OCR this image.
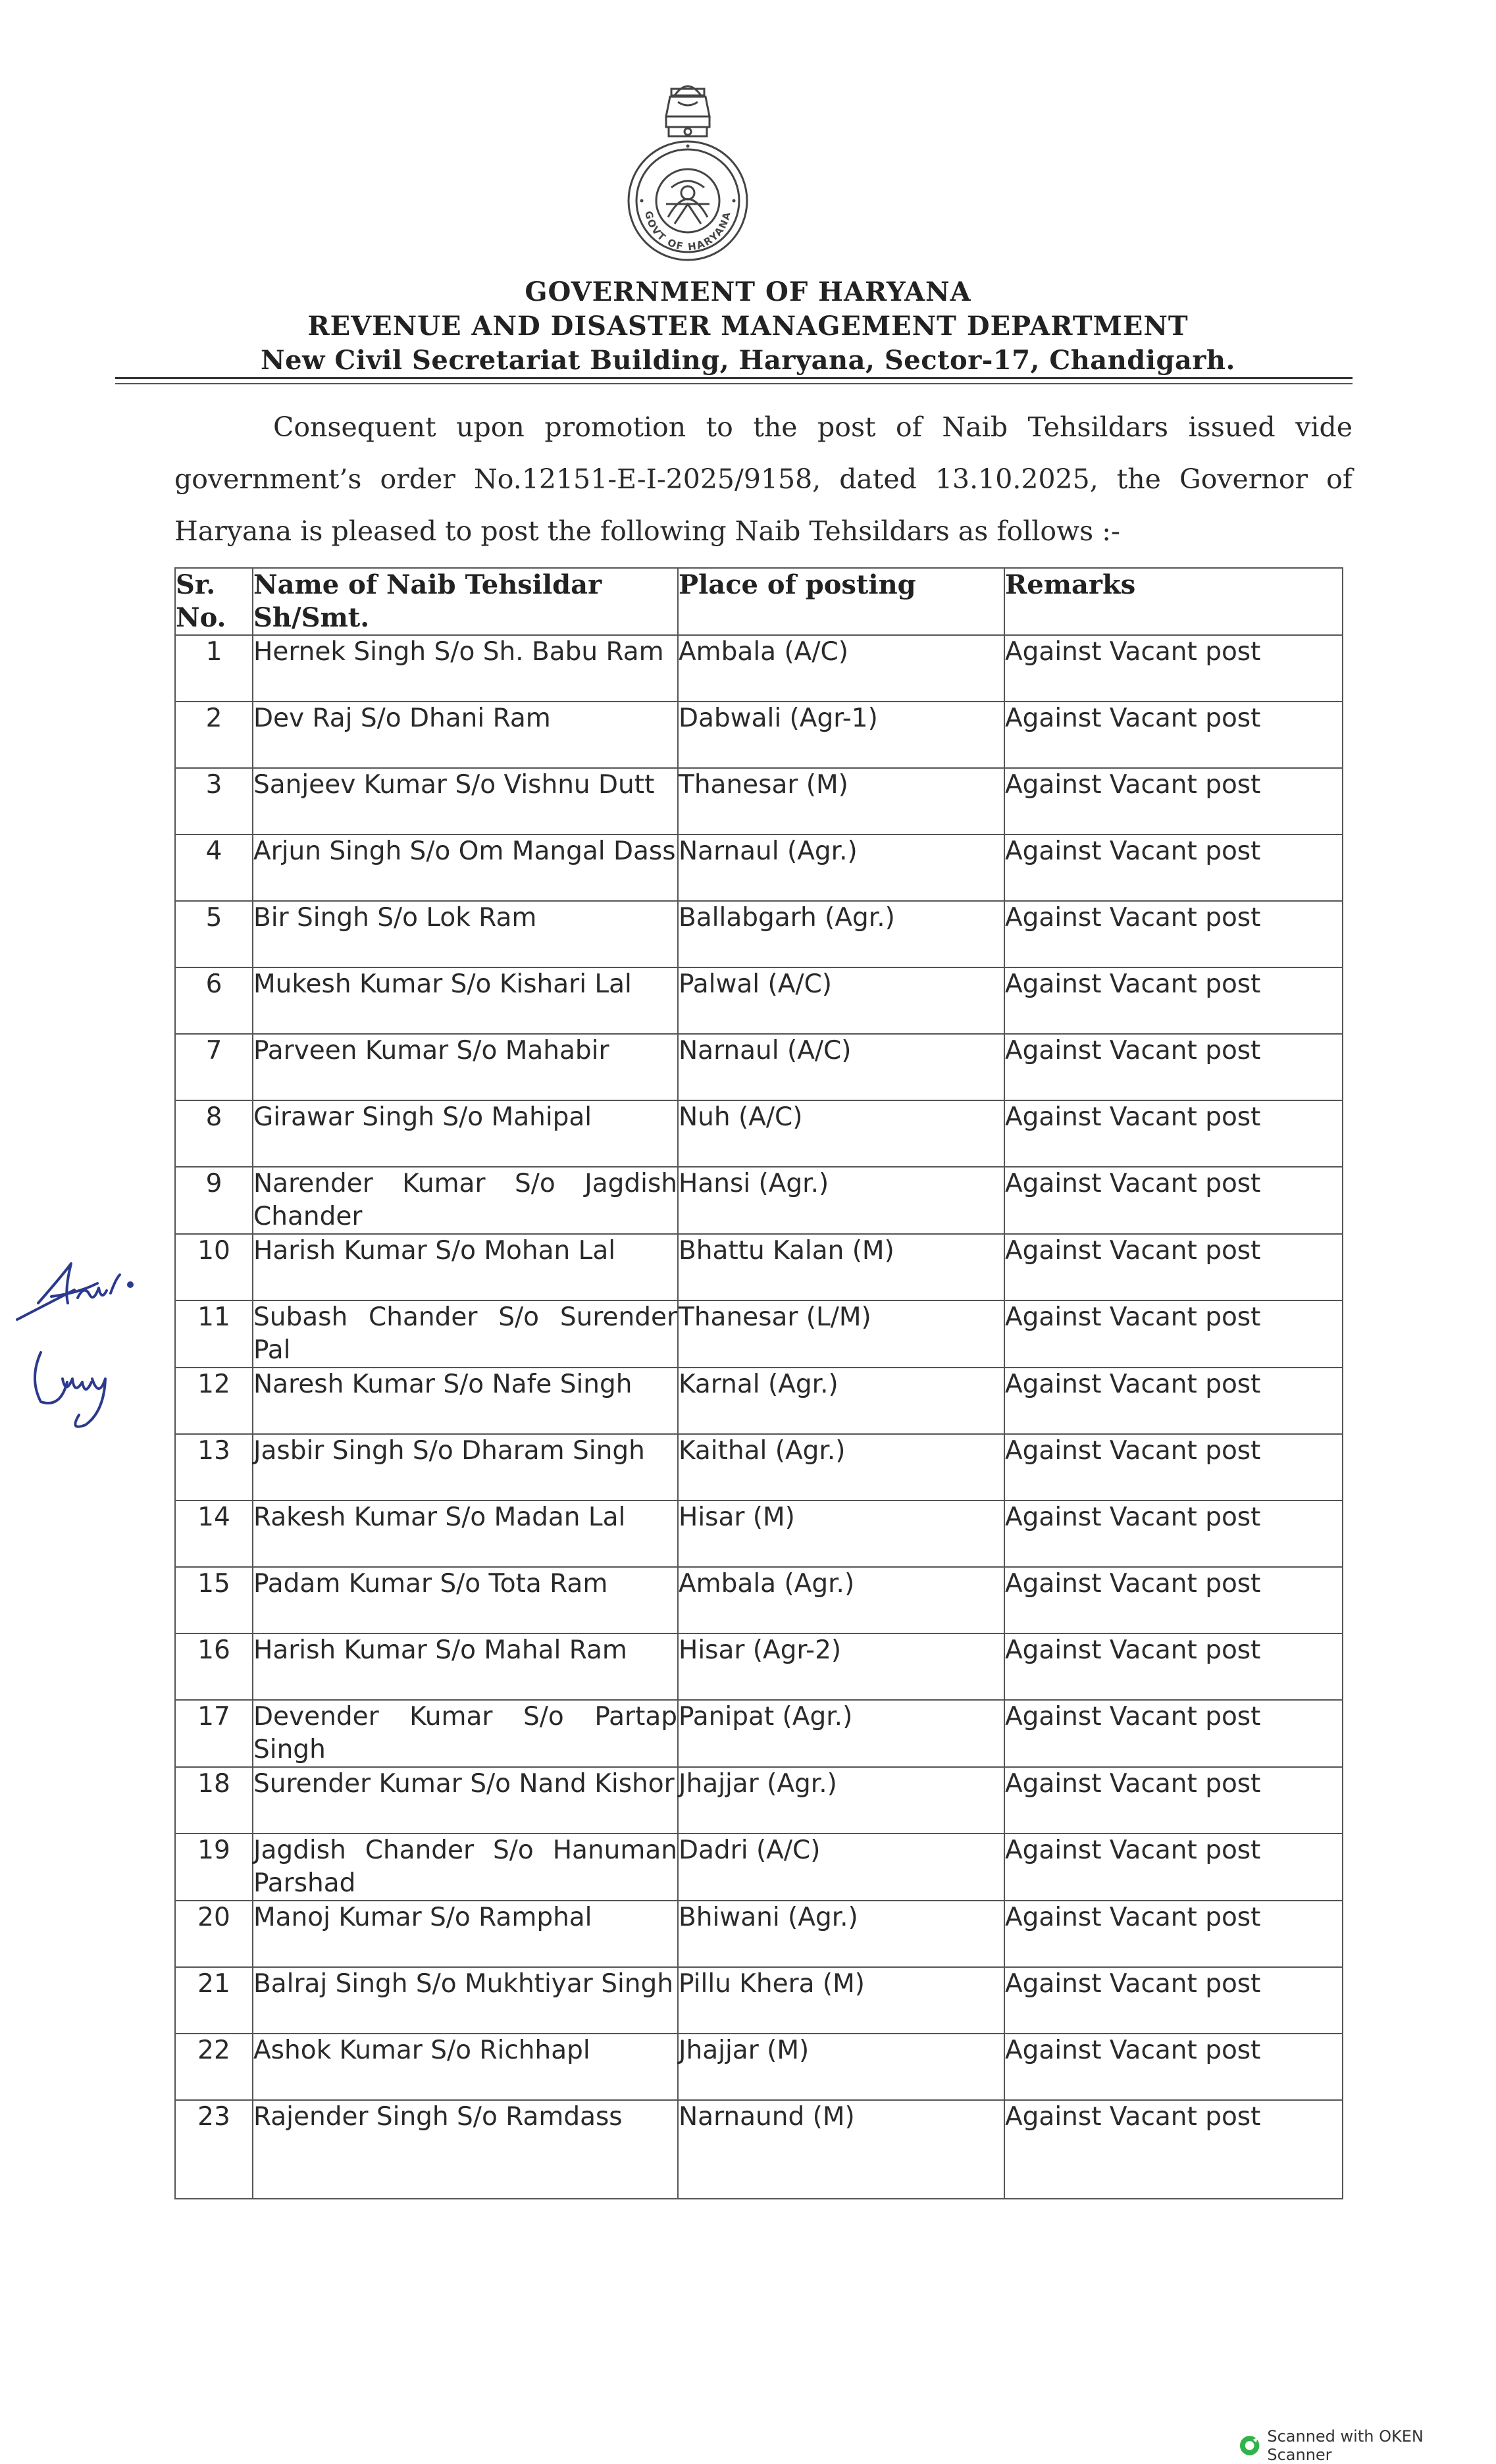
GOVT OF HARYANA
GOVERNMENT OF HARYANA
REVENUE AND DISASTER MANAGEMENT DEPARTMENT
New Civil Secretariat Building, Haryana, Sector-17, Chandigarh.
Consequent upon promotion to the post of Naib Tehsildars issued vide government’s order No.12151-E-I-2025/9158, dated 13.10.2025, the Governor of Haryana is pleased to post the following Naib Tehsildars as follows :-
Sr. No.	Name of Naib Tehsildar Sh/Smt.	Place of posting	Remarks
1	Hernek Singh S/o Sh. Babu Ram	Ambala (A/C)	Against Vacant post
2	Dev Raj S/o Dhani Ram	Dabwali (Agr-1)	Against Vacant post
3	Sanjeev Kumar S/o Vishnu Dutt	Thanesar (M)	Against Vacant post
4	Arjun Singh S/o Om Mangal Dass	Narnaul (Agr.)	Against Vacant post
5	Bir Singh S/o Lok Ram	Ballabgarh (Agr.)	Against Vacant post
6	Mukesh Kumar S/o Kishari Lal	Palwal (A/C)	Against Vacant post
7	Parveen Kumar S/o Mahabir	Narnaul (A/C)	Against Vacant post
8	Girawar Singh S/o Mahipal	Nuh (A/C)	Against Vacant post
9	Narender Kumar S/o Jagdish Chander	Hansi (Agr.)	Against Vacant post
10	Harish Kumar S/o Mohan Lal	Bhattu Kalan (M)	Against Vacant post
11	Subash Chander S/o Surender Pal	Thanesar (L/M)	Against Vacant post
12	Naresh Kumar S/o Nafe Singh	Karnal (Agr.)	Against Vacant post
13	Jasbir Singh S/o Dharam Singh	Kaithal (Agr.)	Against Vacant post
14	Rakesh Kumar S/o Madan Lal	Hisar (M)	Against Vacant post
15	Padam Kumar S/o Tota Ram	Ambala (Agr.)	Against Vacant post
16	Harish Kumar S/o Mahal Ram	Hisar (Agr-2)	Against Vacant post
17	Devender Kumar S/o Partap Singh	Panipat (Agr.)	Against Vacant post
18	Surender Kumar S/o Nand Kishor	Jhajjar (Agr.)	Against Vacant post
19	Jagdish Chander S/o Hanuman Parshad	Dadri (A/C)	Against Vacant post
20	Manoj Kumar S/o Ramphal	Bhiwani (Agr.)	Against Vacant post
21	Balraj Singh S/o Mukhtiyar Singh	Pillu Khera (M)	Against Vacant post
22	Ashok Kumar S/o Richhapl	Jhajjar (M)	Against Vacant post
23	Rajender Singh S/o Ramdass	Narnaund (M)	Against Vacant post
Scanned with OKEN Scanner
